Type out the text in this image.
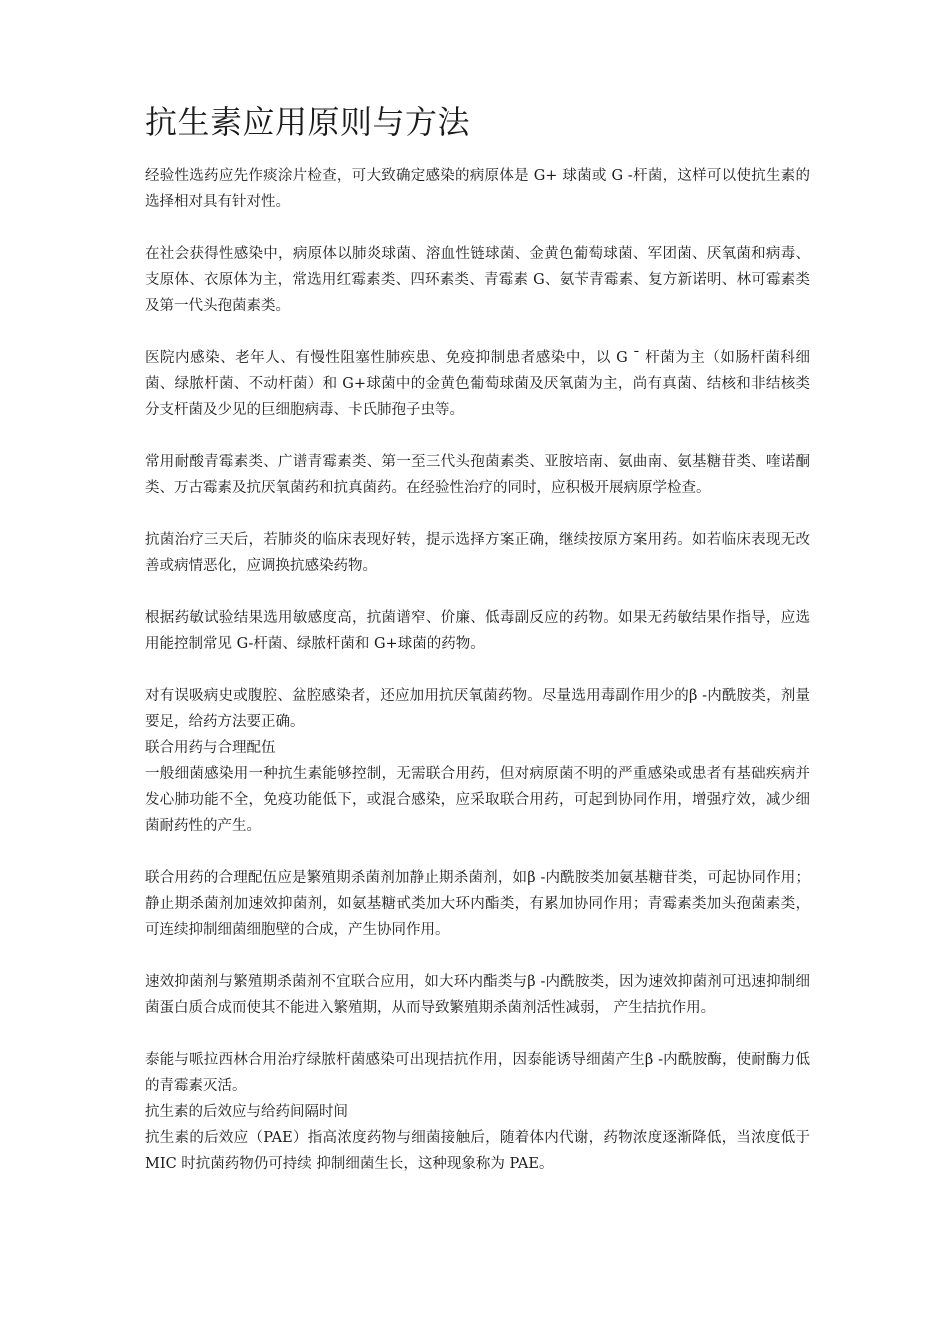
抗生素应用原则与方法

经验性选药应先作痰涂片检查，可大致确定感染的病原体是 G+ 球菌或 G -杆菌，这样可以使抗生素的选择相对具有针对性。

在社会获得性感染中，病原体以肺炎球菌、溶血性链球菌、金黄色葡萄球菌、军团菌、厌氧菌和病毒、支原体、衣原体为主，常选用红霉素类、四环素类、青霉素 G、氨苄青霉素、复方新诺明、林可霉素类及第一代头孢菌素类。

医院内感染、老年人、有慢性阻塞性肺疾患、免疫抑制患者感染中，以 G ¯ 杆菌为主（如肠杆菌科细菌、绿脓杆菌、不动杆菌）和 G+球菌中的金黄色葡萄球菌及厌氧菌为主，尚有真菌、结核和非结核类分支杆菌及少见的巨细胞病毒、卡氏肺孢子虫等。

常用耐酸青霉素类、广谱青霉素类、第一至三代头孢菌素类、亚胺培南、氨曲南、氨基糖苷类、喹诺酮类、万古霉素及抗厌氧菌药和抗真菌药。在经验性治疗的同时，应积极开展病原学检查。

抗菌治疗三天后，若肺炎的临床表现好转，提示选择方案正确，继续按原方案用药。如若临床表现无改善或病情恶化，应调换抗感染药物。

根据药敏试验结果选用敏感度高，抗菌谱窄、价廉、低毒副反应的药物。如果无药敏结果作指导，应选用能控制常见 G-杆菌、绿脓杆菌和 G+球菌的药物。

对有误吸病史或腹腔、盆腔感染者，还应加用抗厌氧菌药物。尽量选用毒副作用少的β -内酰胺类，剂量要足，给药方法要正确。

联合用药与合理配伍

一般细菌感染用一种抗生素能够控制，无需联合用药，但对病原菌不明的严重感染或患者有基础疾病并发心肺功能不全，免疫功能低下，或混合感染，应采取联合用药，可起到协同作用，增强疗效，减少细菌耐药性的产生。

联合用药的合理配伍应是繁殖期杀菌剂加静止期杀菌剂，如β -内酰胺类加氨基糖苷类，可起协同作用；静止期杀菌剂加速效抑菌剂，如氨基糖甙类加大环内酯类，有累加协同作用；青霉素类加头孢菌素类，可连续抑制细菌细胞壁的合成，产生协同作用。

速效抑菌剂与繁殖期杀菌剂不宜联合应用，如大环内酯类与β -内酰胺类，因为速效抑菌剂可迅速抑制细菌蛋白质合成而使其不能进入繁殖期，从而导致繁殖期杀菌剂活性减弱， 产生拮抗作用。

泰能与哌拉西林合用治疗绿脓杆菌感染可出现拮抗作用，因泰能诱导细菌产生β -内酰胺酶，使耐酶力低的青霉素灭活。

抗生素的后效应与给药间隔时间

抗生素的后效应（PAE）指高浓度药物与细菌接触后，随着体内代谢，药物浓度逐渐降低，当浓度低于 MIC 时抗菌药物仍可持续 抑制细菌生长，这种现象称为 PAE。
